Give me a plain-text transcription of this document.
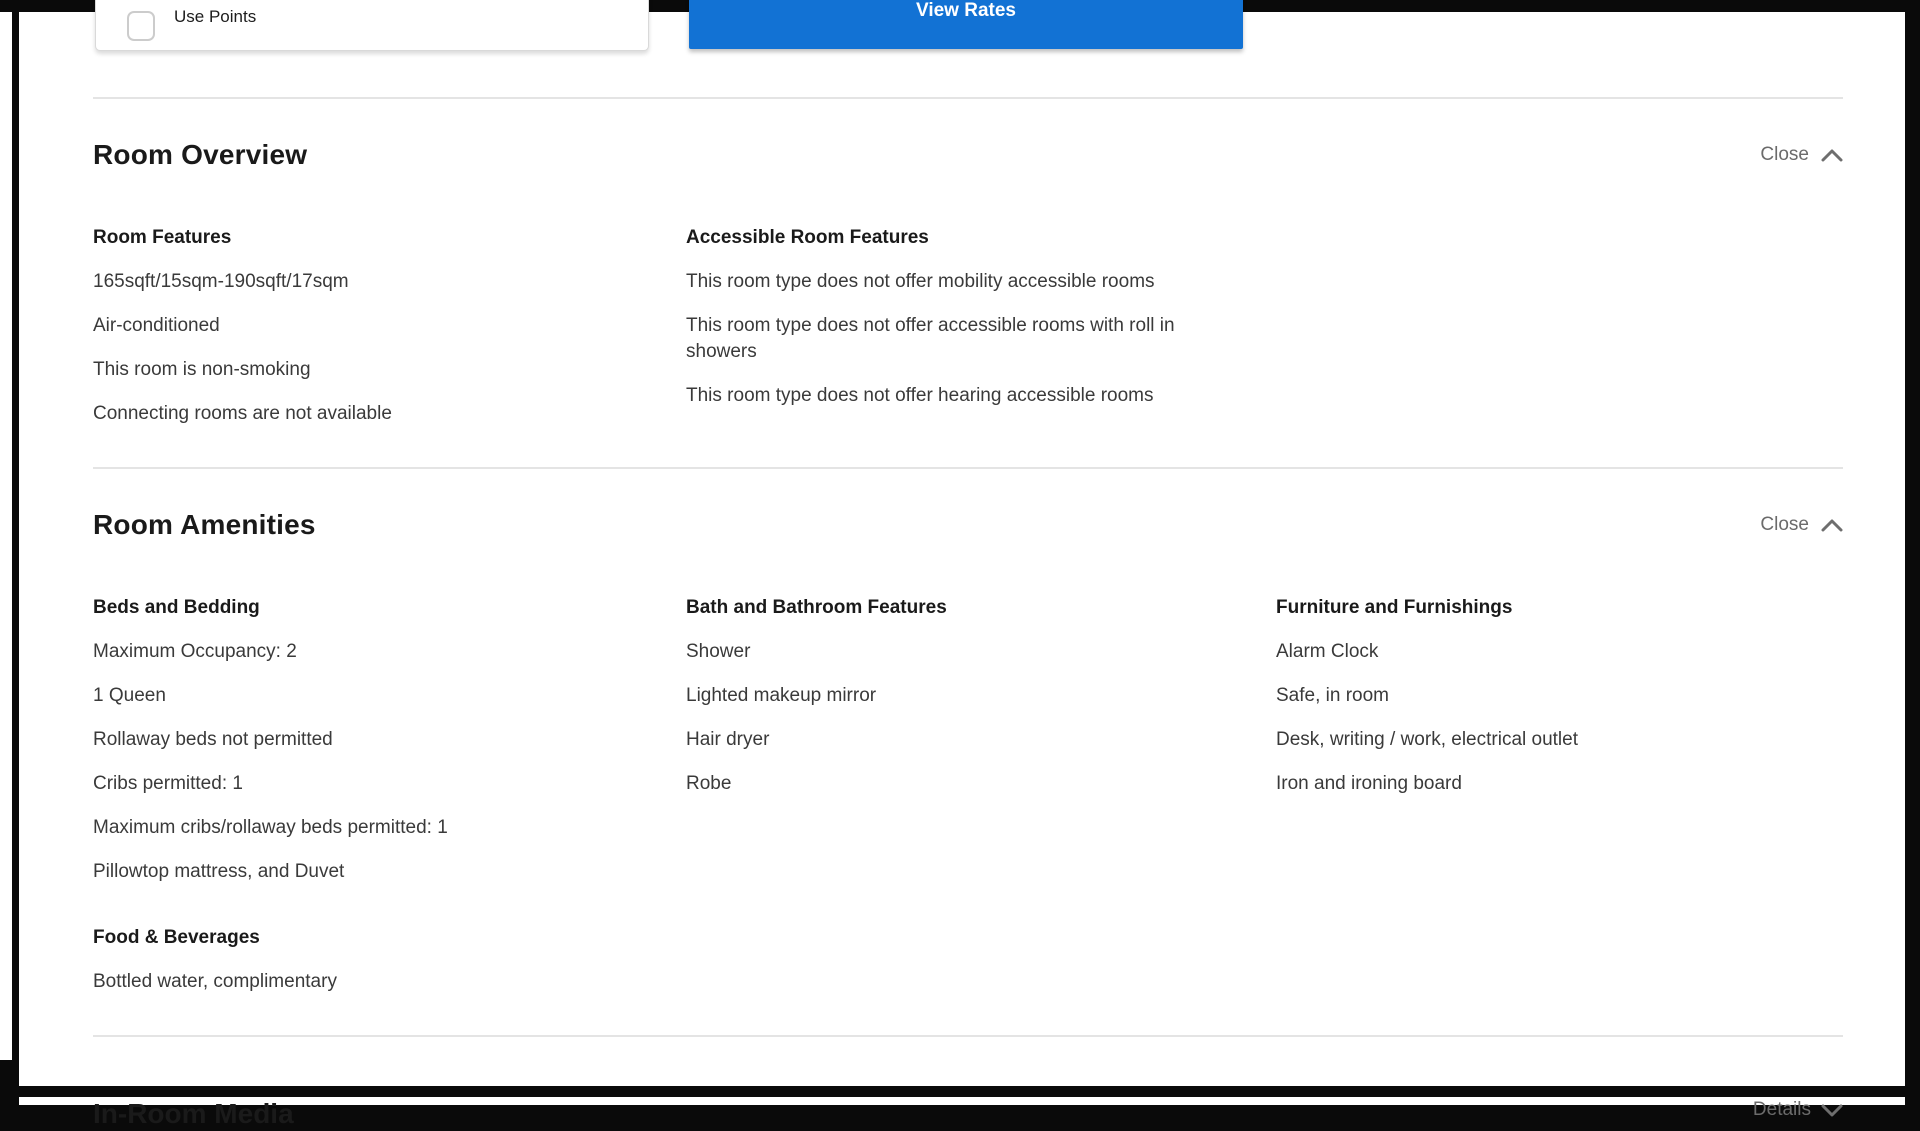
Use Points	View Rates
Room Overview	Close
Room Features

165sqft/15sqm-190sqft/17sqm

Air-conditioned

This room is non-smoking

Connecting rooms are not available

Accessible Room Features

This room type does not offer mobility accessible rooms

This room type does not offer accessible rooms with roll in showers

This room type does not offer hearing accessible rooms

Room Amenities	Close
Beds and Bedding

Maximum Occupancy: 2

1 Queen

Rollaway beds not permitted

Cribs permitted: 1

Maximum cribs/rollaway beds permitted: 1

Pillowtop mattress, and Duvet

Bath and Bathroom Features

Shower

Lighted makeup mirror

Hair dryer

Robe

Furniture and Furnishings

Alarm Clock

Safe, in room

Desk, writing / work, electrical outlet

Iron and ironing board

Food & Beverages

Bottled water, complimentary

In-Room Media	Details
